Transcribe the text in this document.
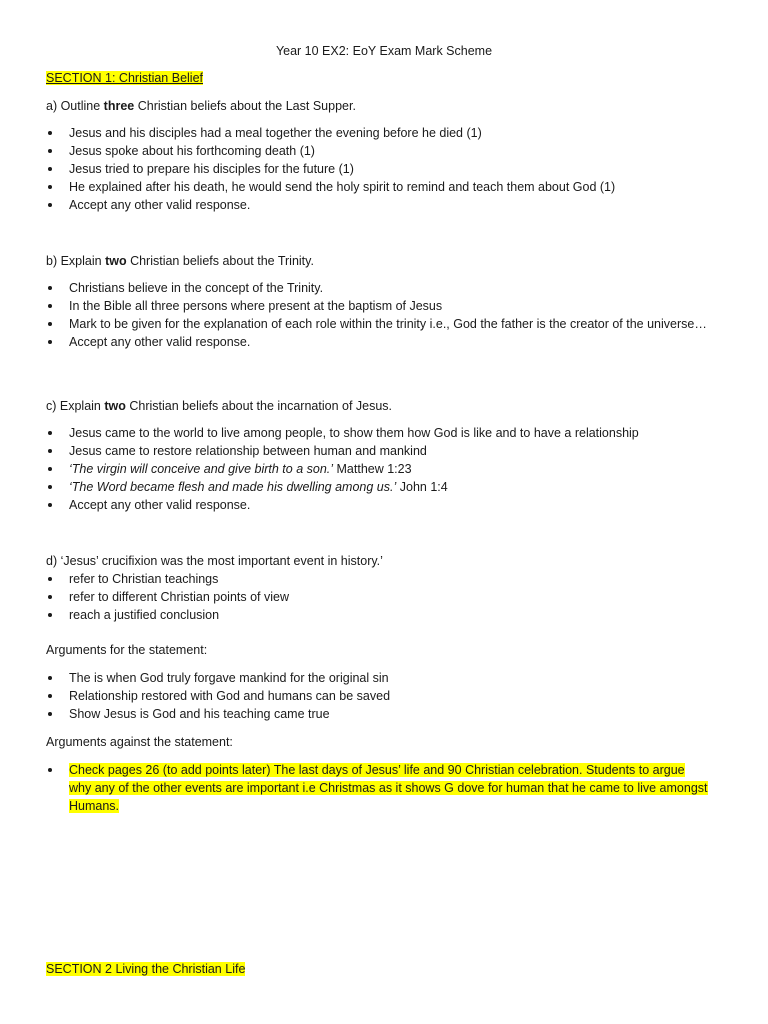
Year 10 EX2: EoY Exam Mark Scheme
SECTION 1: Christian Belief
a) Outline three Christian beliefs about the Last Supper.
Jesus and his disciples had a meal together the evening before he died (1)
Jesus spoke about his forthcoming death (1)
Jesus tried to prepare his disciples for the future (1)
He explained after his death, he would send the holy spirit to remind and teach them about God (1)
Accept any other valid response.
b) Explain two Christian beliefs about the Trinity.
Christians believe in the concept of the Trinity.
In the Bible all three persons where present at the baptism of Jesus
Mark to be given for the explanation of each role within the trinity i.e., God the father is the creator of the universe…
Accept any other valid response.
c) Explain two Christian beliefs about the incarnation of Jesus.
Jesus came to the world to live among people, to show them how God is like and to have a relationship
Jesus came to restore relationship between human and mankind
‘The virgin will conceive and give birth to a son.’ Matthew 1:23
‘The Word became flesh and made his dwelling among us.’ John 1:4
Accept any other valid response.
d) ‘Jesus’ crucifixion was the most important event in history.’
refer to Christian teachings
refer to different Christian points of view
reach a justified conclusion
Arguments for the statement:
The is when God truly forgave mankind for the original sin
Relationship restored with God and humans can be saved
Show Jesus is God and his teaching came true
Arguments against the statement:
Check pages 26 (to add points later) The last days of Jesus’ life and 90 Christian celebration. Students to argue why any of the other events are important i.e Christmas as it shows G dove for human that he came to live amongst Humans.
SECTION 2 Living the Christian Life
